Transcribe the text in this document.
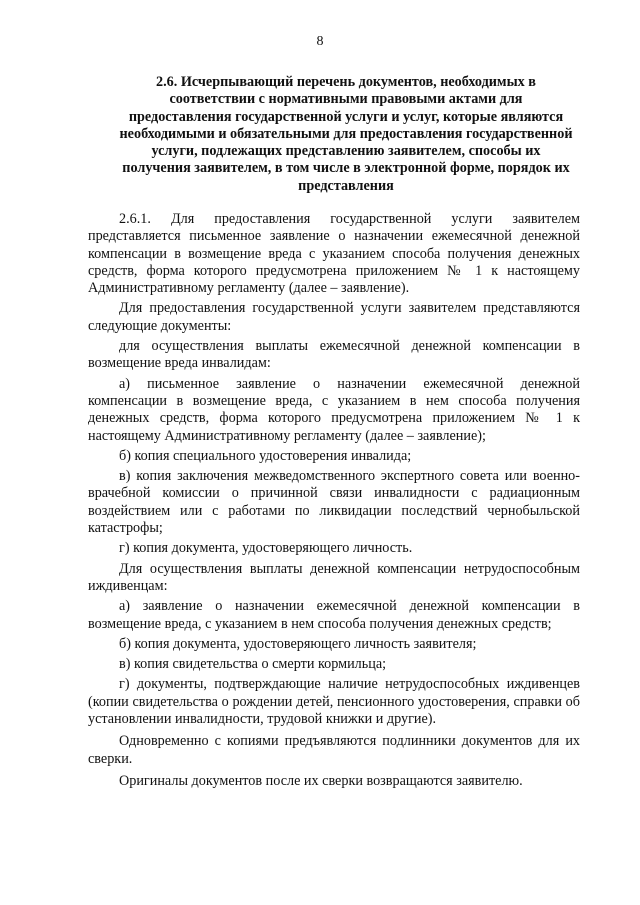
8
2.6. Исчерпывающий перечень документов, необходимых в соответствии с нормативными правовыми актами для предоставления государственной услуги и услуг, которые являются необходимыми и обязательными для предоставления государственной услуги, подлежащих представлению заявителем, способы их получения заявителем, в том числе в электронной форме, порядок их представления

2.6.1. Для предоставления государственной услуги заявителем представляется письменное заявление о назначении ежемесячной денежной компенсации в возмещение вреда с указанием способа получения денежных средств, форма которого предусмотрена приложением № 1 к настоящему Административному регламенту (далее – заявление).

Для предоставления государственной услуги заявителем представляются следующие документы:

для осуществления выплаты ежемесячной денежной компенсации в возмещение вреда инвалидам:

а) письменное заявление о назначении ежемесячной денежной компенсации в возмещение вреда, с указанием в нем способа получения денежных средств, форма которого предусмотрена приложением № 1 к настоящему Административному регламенту (далее – заявление);

б) копия специального удостоверения инвалида;

в) копия заключения межведомственного экспертного совета или военно-врачебной комиссии о причинной связи инвалидности с радиационным воздействием или с работами по ликвидации последствий чернобыльской катастрофы;

г) копия документа, удостоверяющего личность.

Для осуществления выплаты денежной компенсации нетрудоспособным иждивенцам:

а) заявление о назначении ежемесячной денежной компенсации в возмещение вреда, с указанием в нем способа получения денежных средств;

б) копия документа, удостоверяющего личность заявителя;

в) копия свидетельства о смерти кормильца;

г) документы, подтверждающие наличие нетрудоспособных иждивенцев (копии свидетельства о рождении детей, пенсионного удостоверения, справки об установлении инвалидности, трудовой книжки и другие).

Одновременно с копиями предъявляются подлинники документов для их сверки.

Оригиналы документов после их сверки возвращаются заявителю.
